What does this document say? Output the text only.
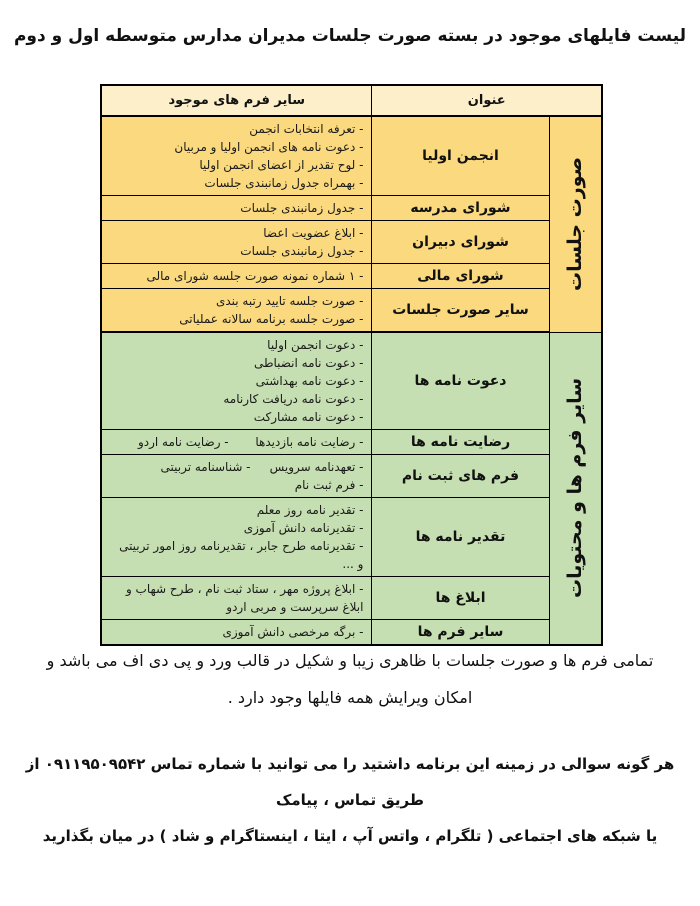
لیست فایلهای موجود در بسته صورت جلسات مدیران مدارس متوسطه اول و دوم
عنوان		سایر فرم های موجود

صورت جلسات	انجمن اولیا	- تعرفه انتخابات انجمن
- دعوت نامه های انجمن اولیا و مربیان
- لوح تقدیر از اعضای انجمن اولیا
- بهمراه جدول زمانبندی جلسات

	شورای مدرسه	- جدول زمانبندی جلسات

	شورای دبیران	- ابلاغ عضویت اعضا
- جدول زمانبندی جلسات

	شورای مالی	- ۱ شماره نمونه صورت جلسه شورای مالی

	سایر صورت جلسات	- صورت جلسه تایید رتبه بندی
- صورت جلسه برنامه سالانه عملیاتی

سایر فرم ها و محتویات	دعوت نامه ها	- دعوت انجمن اولیا
- دعوت نامه انضباطی
- دعوت نامه بهداشتی
- دعوت نامه دریافت کارنامه
- دعوت نامه مشارکت

	رضایت نامه ها	- رضایت نامه بازدیدها       - رضایت نامه اردو

	فرم های ثبت نام	- تعهدنامه سرویس     - شناسنامه تربیتی
- فرم ثبت نام

	تقدیر نامه ها	- تقدیر نامه روز معلم
- تقدیرنامه دانش آموزی
- تقدیرنامه طرح جابر ، تقدیرنامه روز امور تربیتی و ...

	ابلاغ ها	- ابلاغ پروژه مهر ، ستاد ثبت نام ، طرح شهاب و ابلاغ سرپرست و مربی اردو

	سایر فرم ها	- برگه مرخصی دانش آموزی
تمامی فرم ها و صورت جلسات با ظاهری زیبا و شکیل در قالب ورد و پی دی اف می باشد و
امکان ویرایش همه فایلها وجود دارد .
هر گونه سوالی در زمینه این برنامه داشتید را می توانید با شماره تماس ۰۹۱۱۹۵۰۹۵۴۲ از طریق تماس ، پیامک
یا شبکه های اجتماعی ( تلگرام ، واتس آپ ، ایتا ، اینستاگرام و شاد ) در میان بگذارید
